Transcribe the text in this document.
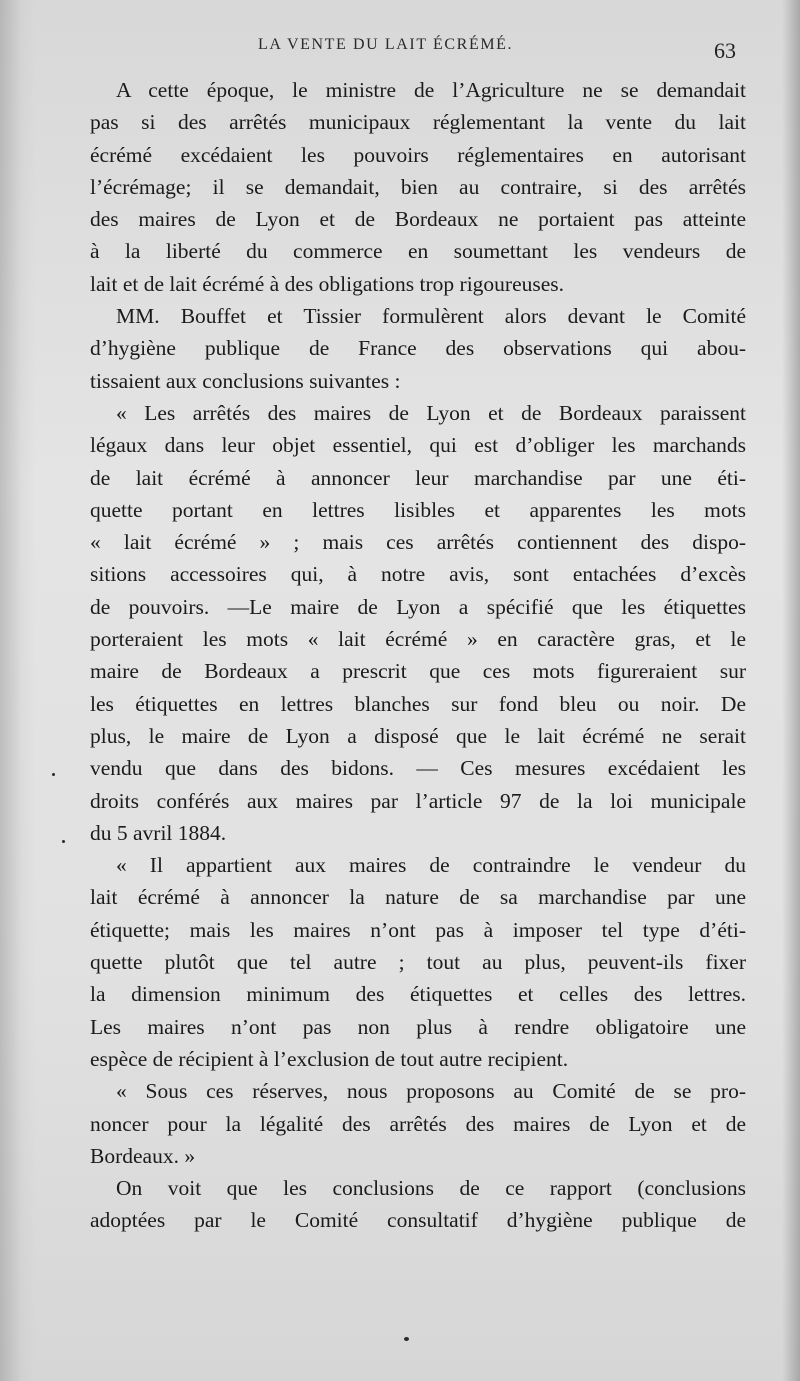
LA VENTE DU LAIT ÉCRÉMÉ.	63
A cette époque, le ministre de l’Agriculture ne se demandait
pas si des arrêtés municipaux réglementant la vente du lait
écrémé excédaient les pouvoirs réglementaires en autorisant
l’écrémage; il se demandait, bien au contraire, si des arrêtés
des maires de Lyon et de Bordeaux ne portaient pas atteinte
à la liberté du commerce en soumettant les vendeurs de
lait et de lait écrémé à des obligations trop rigoureuses.
MM. Bouffet et Tissier formulèrent alors devant le Comité
d’hygiène publique de France des observations qui abou-
tissaient aux conclusions suivantes :
« Les arrêtés des maires de Lyon et de Bordeaux paraissent
légaux dans leur objet essentiel, qui est d’obliger les marchands
de lait écrémé à annoncer leur marchandise par une éti-
quette portant en lettres lisibles et apparentes les mots
« lait écrémé » ; mais ces arrêtés contiennent des dispo-
sitions accessoires qui, à notre avis, sont entachées d’excès
de pouvoirs. —Le maire de Lyon a spécifié que les étiquettes
porteraient les mots « lait écrémé » en caractère gras, et le
maire de Bordeaux a prescrit que ces mots figureraient sur
les étiquettes en lettres blanches sur fond bleu ou noir. De
plus, le maire de Lyon a disposé que le lait écrémé ne serait
vendu que dans des bidons. — Ces mesures excédaient les
droits conférés aux maires par l’article 97 de la loi municipale
du 5 avril 1884.
« Il appartient aux maires de contraindre le vendeur du
lait écrémé à annoncer la nature de sa marchandise par une
étiquette; mais les maires n’ont pas à imposer tel type d’éti-
quette plutôt que tel autre ; tout au plus, peuvent-ils fixer
la dimension minimum des étiquettes et celles des lettres.
Les maires n’ont pas non plus à rendre obligatoire une
espèce de récipient à l’exclusion de tout autre recipient.
« Sous ces réserves, nous proposons au Comité de se pro-
noncer pour la légalité des arrêtés des maires de Lyon et de
Bordeaux. »
On voit que les conclusions de ce rapport (conclusions
adoptées par le Comité consultatif d’hygiène publique de
